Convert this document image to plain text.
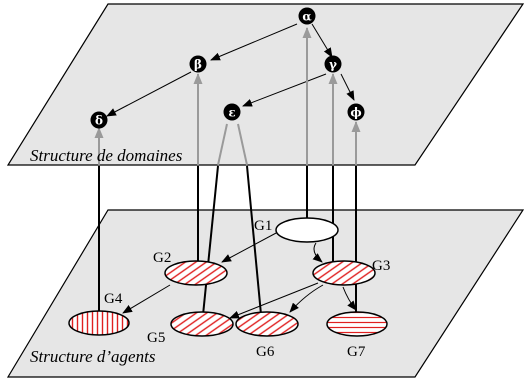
α
β	γ
δ
ε	ϕ
G1
G2	G3
G4
G5
G6	G7
Structure de domaines
Structure d’agents
